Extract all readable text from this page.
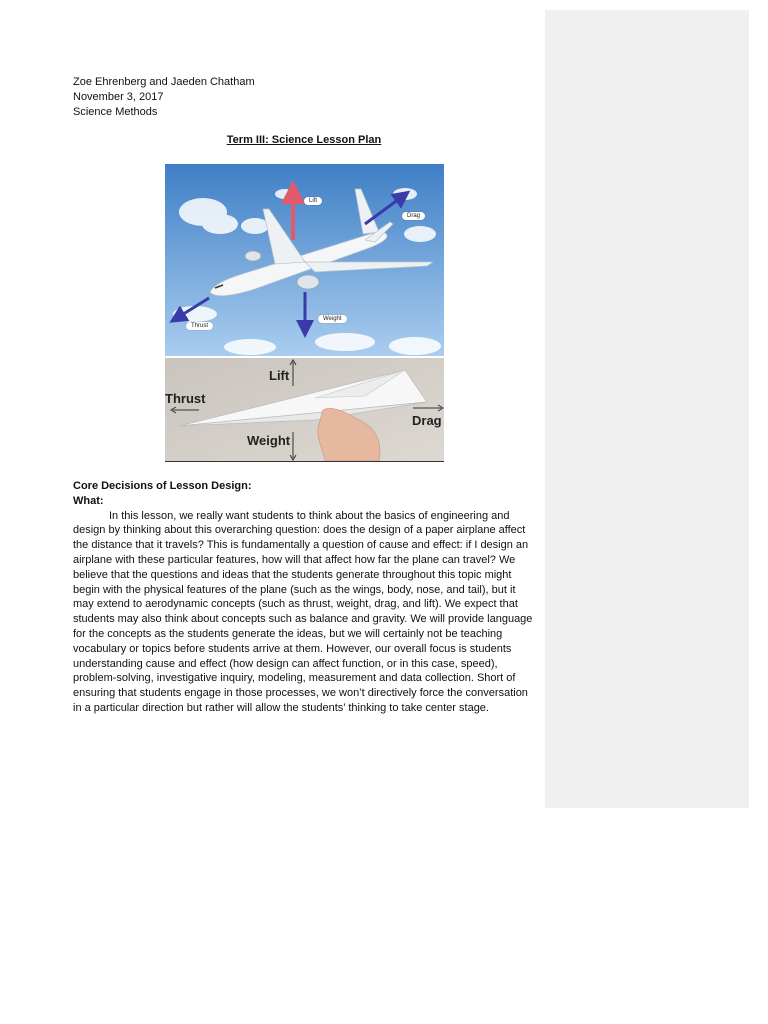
Zoe Ehrenberg and Jaeden Chatham
November 3, 2017
Science Methods
Term III: Science Lesson Plan
Lift
Drag
Thrust
Weight
Lift
Thrust
Drag
Weight
Core Decisions of Lesson Design:
What:
In this lesson, we really want students to think about the basics of engineering and design by thinking about this overarching question: does the design of a paper airplane affect the distance that it travels? This is fundamentally a question of cause and effect: if I design an airplane with these particular features, how will that affect how far the plane can travel? We believe that the questions and ideas that the students generate throughout this topic might begin with the physical features of the plane (such as the wings, body, nose, and tail), but it may extend to aerodynamic concepts (such as thrust, weight, drag, and lift). We expect that students may also think about concepts such as balance and gravity. We will provide language for the concepts as the students generate the ideas, but we will certainly not be teaching vocabulary or topics before students arrive at them. However, our overall focus is students understanding cause and effect (how design can affect function, or in this case, speed), problem-solving, investigative inquiry, modeling, measurement and data collection. Short of ensuring that students engage in those processes, we won’t directively force the conversation in a particular direction but rather will allow the students’ thinking to take center stage.
